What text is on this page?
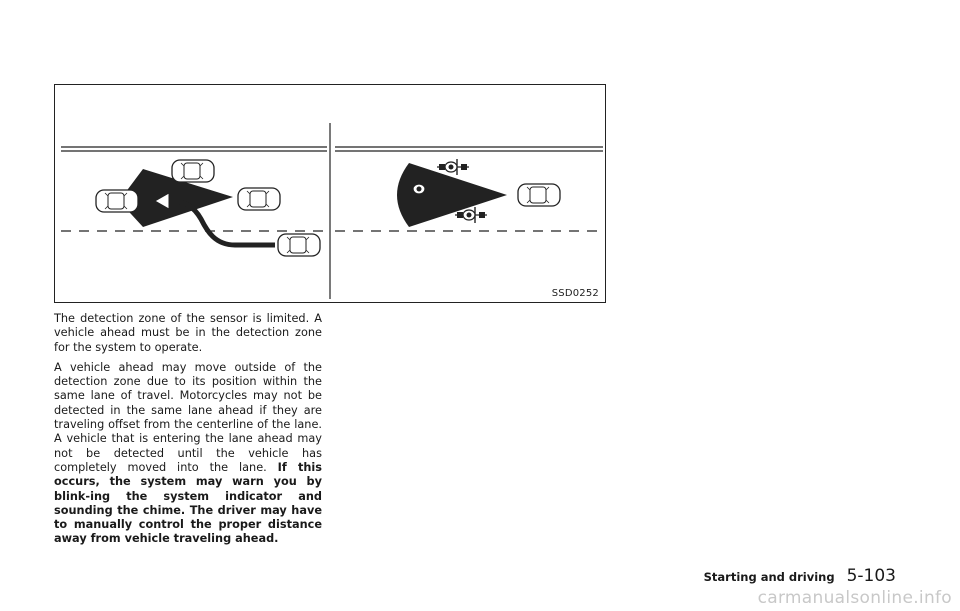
SSD0252

The detection zone of the sensor is limited. A vehicle ahead must be in the detection zone for the system to operate.

A vehicle ahead may move outside of the detection zone due to its position within the same lane of travel. Motorcycles may not be detected in the same lane ahead if they are traveling offset from the centerline of the lane. A vehicle that is entering the lane ahead may not be detected until the vehicle has completely moved into the lane. If this occurs, the system may warn you by blink-ing the system indicator and sounding the chime. The driver may have to manually control the proper distance away from vehicle traveling ahead.

Starting and driving 5-103
carmanualsonline.info
